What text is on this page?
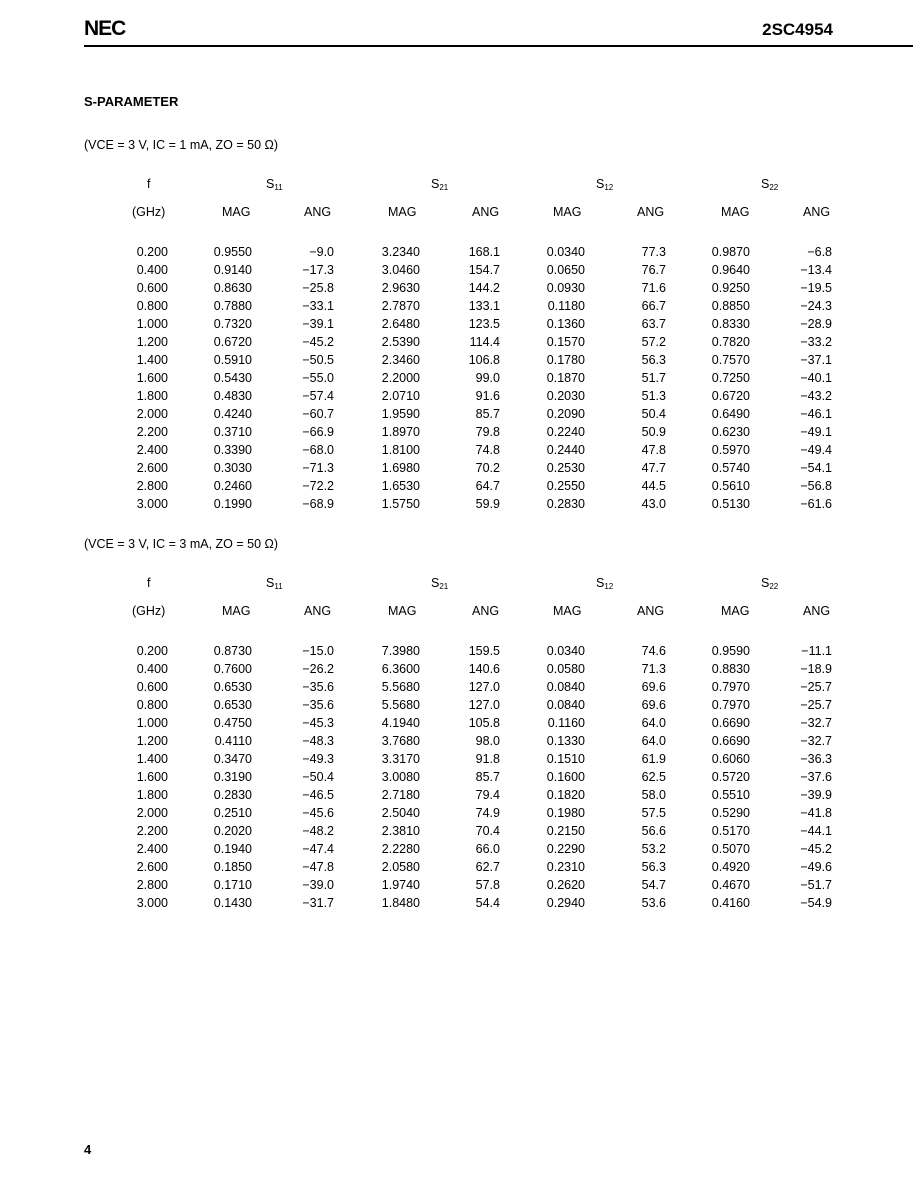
NEC	2SC4954
S-PARAMETER
(VCE = 3 V, IC = 1 mA, ZO = 50 Ω)
f	$S_{11}$	$S_{21}$	$S_{12}$	$S_{22}$
(GHz)	MAG	ANG	MAG	ANG	MAG	ANG	MAG	ANG
0.200	0.9550	−9.0	3.2340	168.1	0.0340	77.3	0.9870	−6.8
0.400	0.9140	−17.3	3.0460	154.7	0.0650	76.7	0.9640	−13.4
0.600	0.8630	−25.8	2.9630	144.2	0.0930	71.6	0.9250	−19.5
0.800	0.7880	−33.1	2.7870	133.1	0.1180	66.7	0.8850	−24.3
1.000	0.7320	−39.1	2.6480	123.5	0.1360	63.7	0.8330	−28.9
1.200	0.6720	−45.2	2.5390	114.4	0.1570	57.2	0.7820	−33.2
1.400	0.5910	−50.5	2.3460	106.8	0.1780	56.3	0.7570	−37.1
1.600	0.5430	−55.0	2.2000	99.0	0.1870	51.7	0.7250	−40.1
1.800	0.4830	−57.4	2.0710	91.6	0.2030	51.3	0.6720	−43.2
2.000	0.4240	−60.7	1.9590	85.7	0.2090	50.4	0.6490	−46.1
2.200	0.3710	−66.9	1.8970	79.8	0.2240	50.9	0.6230	−49.1
2.400	0.3390	−68.0	1.8100	74.8	0.2440	47.8	0.5970	−49.4
2.600	0.3030	−71.3	1.6980	70.2	0.2530	47.7	0.5740	−54.1
2.800	0.2460	−72.2	1.6530	64.7	0.2550	44.5	0.5610	−56.8
3.000	0.1990	−68.9	1.5750	59.9	0.2830	43.0	0.5130	−61.6
(VCE = 3 V, IC = 3 mA, ZO = 50 Ω)
f	$S_{11}$	$S_{21}$	$S_{12}$	$S_{22}$
(GHz)	MAG	ANG	MAG	ANG	MAG	ANG	MAG	ANG
0.200	0.8730	−15.0	7.3980	159.5	0.0340	74.6	0.9590	−11.1
0.400	0.7600	−26.2	6.3600	140.6	0.0580	71.3	0.8830	−18.9
0.600	0.6530	−35.6	5.5680	127.0	0.0840	69.6	0.7970	−25.7
0.800	0.6530	−35.6	5.5680	127.0	0.0840	69.6	0.7970	−25.7
1.000	0.4750	−45.3	4.1940	105.8	0.1160	64.0	0.6690	−32.7
1.200	0.4110	−48.3	3.7680	98.0	0.1330	64.0	0.6690	−32.7
1.400	0.3470	−49.3	3.3170	91.8	0.1510	61.9	0.6060	−36.3
1.600	0.3190	−50.4	3.0080	85.7	0.1600	62.5	0.5720	−37.6
1.800	0.2830	−46.5	2.7180	79.4	0.1820	58.0	0.5510	−39.9
2.000	0.2510	−45.6	2.5040	74.9	0.1980	57.5	0.5290	−41.8
2.200	0.2020	−48.2	2.3810	70.4	0.2150	56.6	0.5170	−44.1
2.400	0.1940	−47.4	2.2280	66.0	0.2290	53.2	0.5070	−45.2
2.600	0.1850	−47.8	2.0580	62.7	0.2310	56.3	0.4920	−49.6
2.800	0.1710	−39.0	1.9740	57.8	0.2620	54.7	0.4670	−51.7
3.000	0.1430	−31.7	1.8480	54.4	0.2940	53.6	0.4160	−54.9
4
